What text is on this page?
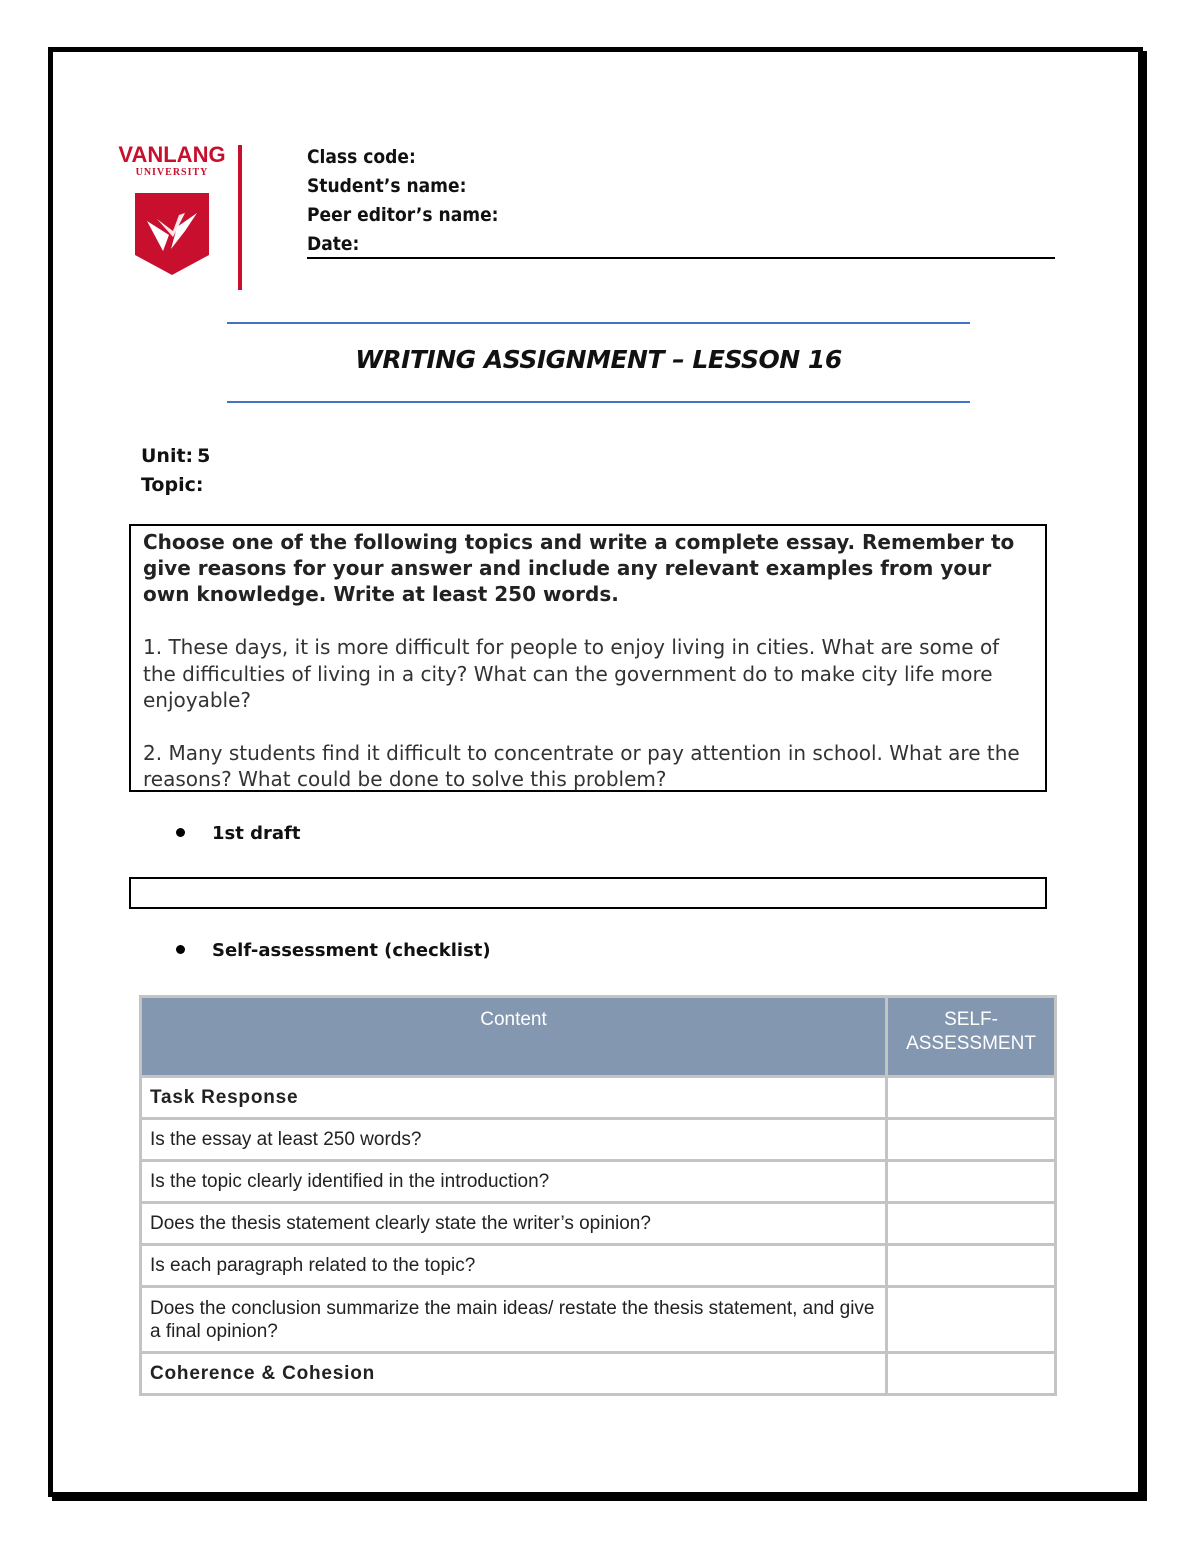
VANLANG
UNIVERSITY
Class code:
Student’s name:
Peer editor’s name:
Date:
WRITING ASSIGNMENT – LESSON 16
Unit: 5
Topic:
Choose one of the following topics and write a complete essay. Remember to give reasons for your answer and include any relevant examples from your own knowledge. Write at least 250 words.
1. These days, it is more difficult for people to enjoy living in cities. What are some of the difficulties of living in a city? What can the government do to make city life more enjoyable?
2. Many students find it difficult to concentrate or pay attention in school. What are the reasons? What could be done to solve this problem?
1st draft
Self-assessment (checklist)
Content	SELF-ASSESSMENT
Task Response	
Is the essay at least 250 words?	
Is the topic clearly identified in the introduction?	
Does the thesis statement clearly state the writer’s opinion?	
Is each paragraph related to the topic?	
Does the conclusion summarize the main ideas/ restate the thesis statement, and give a final opinion?	
Coherence & Cohesion	
